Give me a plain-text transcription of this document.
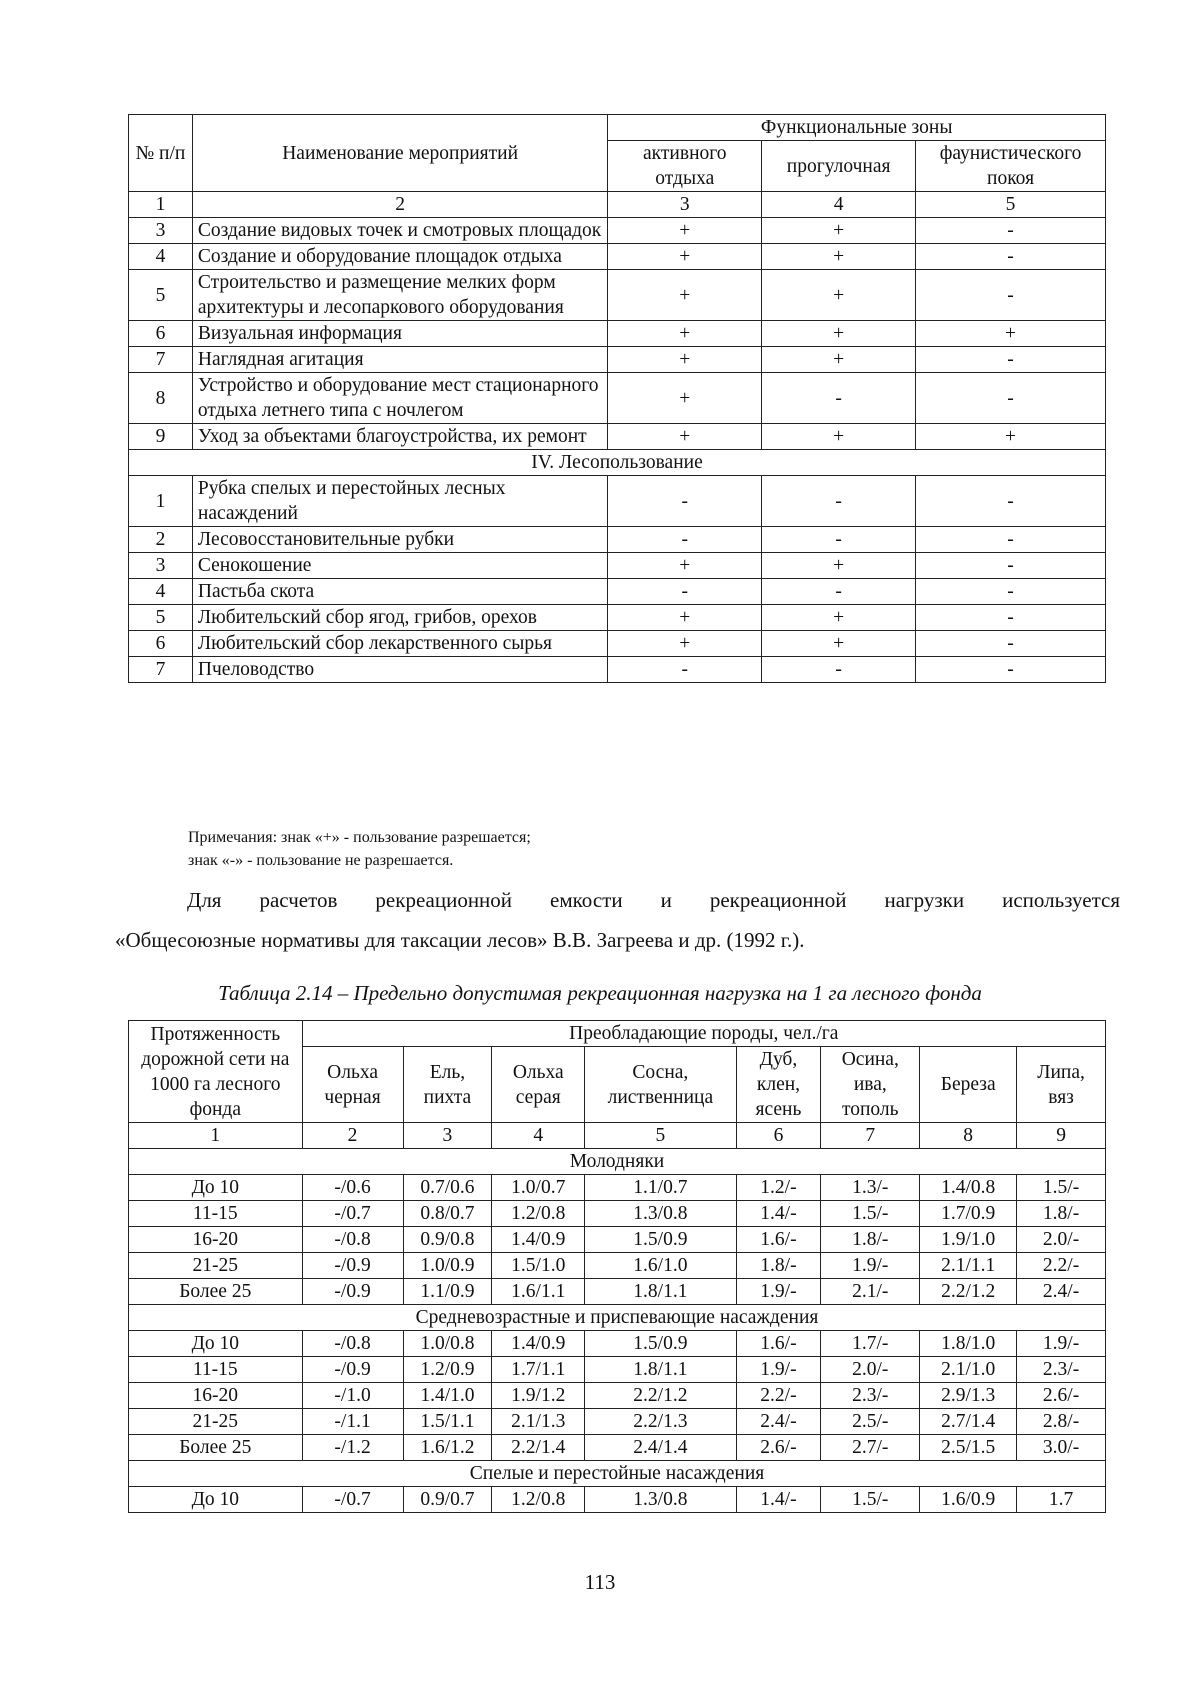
№ п/п	Наименование мероприятий	Функциональные зоны		
		активного отдыха	прогулочная	фаунистического покоя
1	2	3	4	5
3	Создание видовых точек и смотровых площадок	+	+	-
4	Создание и оборудование площадок отдыха	+	+	-
5	Строительство и размещение мелких форм архитектуры и лесопаркового оборудования	+	+	-
6	Визуальная информация	+	+	+
7	Наглядная агитация	+	+	-
8	Устройство и оборудование мест стационарного отдыха летнего типа с ночлегом	+	-	-
9	Уход за объектами благоустройства, их ремонт	+	+	+
IV. Лесопользование				
1	Рубка спелых и перестойных лесных насаждений	-	-	-
2	Лесовосстановительные рубки	-	-	-
3	Сенокошение	+	+	-
4	Пастьба скота	-	-	-
5	Любительский сбор ягод, грибов, орехов	+	+	-
6	Любительский сбор лекарственного сырья	+	+	-
7	Пчеловодство	-	-	-
Примечания: знак «+» - пользование разрешается;
знак «-» - пользование не разрешается.
Для расчетов рекреационной емкости и рекреационной нагрузки используется
«Общесоюзные нормативы для таксации лесов» В.В. Загреева и др. (1992 г.).
Таблица 2.14 – Предельно допустимая рекреационная нагрузка на 1 га лесного фонда
Протяженность дорожной сети на 1000 га лесного фонда	Преобладающие породы, чел./га							
	Ольха черная	Ель, пихта	Ольха серая	Сосна, лиственница	Дуб, клен, ясень	Осина, ива, тополь	Береза	Липа, вяз
1	2	3	4	5	6	7	8	9
Молодняки								
До 10	-/0.6	0.7/0.6	1.0/0.7	1.1/0.7	1.2/-	1.3/-	1.4/0.8	1.5/-
11-15	-/0.7	0.8/0.7	1.2/0.8	1.3/0.8	1.4/-	1.5/-	1.7/0.9	1.8/-
16-20	-/0.8	0.9/0.8	1.4/0.9	1.5/0.9	1.6/-	1.8/-	1.9/1.0	2.0/-
21-25	-/0.9	1.0/0.9	1.5/1.0	1.6/1.0	1.8/-	1.9/-	2.1/1.1	2.2/-
Более 25	-/0.9	1.1/0.9	1.6/1.1	1.8/1.1	1.9/-	2.1/-	2.2/1.2	2.4/-
Средневозрастные и приспевающие насаждения								
До 10	-/0.8	1.0/0.8	1.4/0.9	1.5/0.9	1.6/-	1.7/-	1.8/1.0	1.9/-
11-15	-/0.9	1.2/0.9	1.7/1.1	1.8/1.1	1.9/-	2.0/-	2.1/1.0	2.3/-
16-20	-/1.0	1.4/1.0	1.9/1.2	2.2/1.2	2.2/-	2.3/-	2.9/1.3	2.6/-
21-25	-/1.1	1.5/1.1	2.1/1.3	2.2/1.3	2.4/-	2.5/-	2.7/1.4	2.8/-
Более 25	-/1.2	1.6/1.2	2.2/1.4	2.4/1.4	2.6/-	2.7/-	2.5/1.5	3.0/-
Спелые и перестойные насаждения								
До 10	-/0.7	0.9/0.7	1.2/0.8	1.3/0.8	1.4/-	1.5/-	1.6/0.9	1.7
113
